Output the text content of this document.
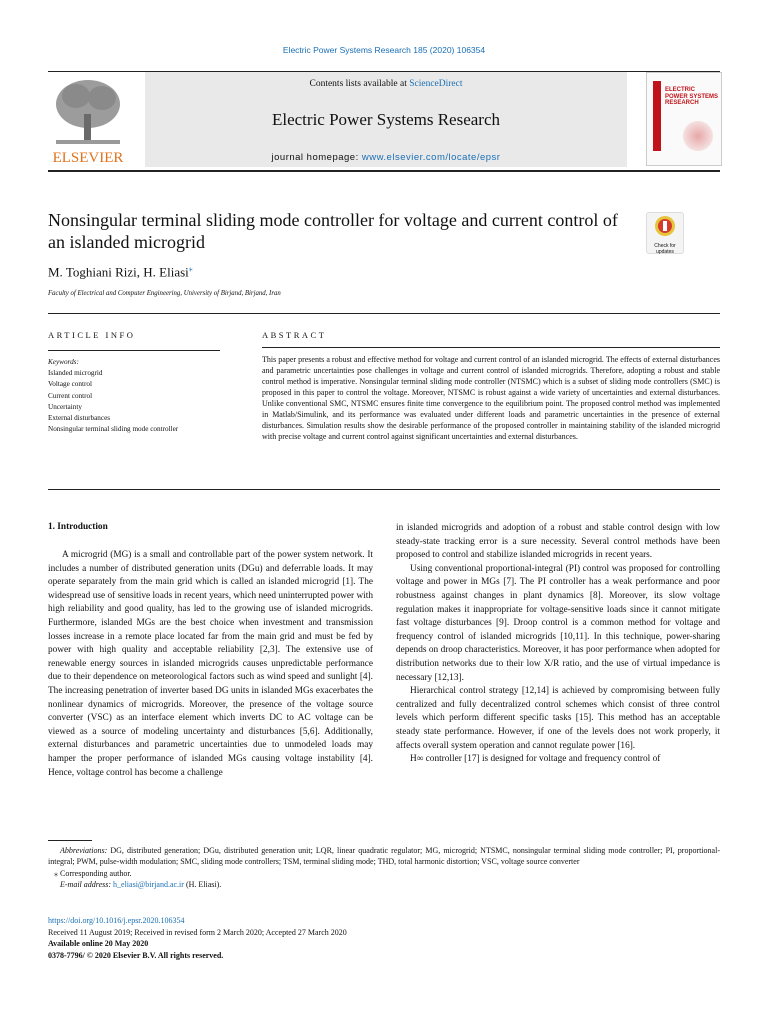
Electric Power Systems Research 185 (2020) 106354
ELSEVIER
Contents lists available at ScienceDirect
Electric Power Systems Research
journal homepage: www.elsevier.com/locate/epsr
ELECTRIC POWER SYSTEMS RESEARCH
Nonsingular terminal sliding mode controller for voltage and current control of an islanded microgrid	Check for updates
M. Toghiani Rizi, H. Eliasi⁎
Faculty of Electrical and Computer Engineering, University of Birjand, Birjand, Iran
ARTICLE INFO
Keywords:
Islanded microgrid
Voltage control
Current control
Uncertainty
External disturbances
Nonsingular terminal sliding mode controller
ABSTRACT
This paper presents a robust and effective method for voltage and current control of an islanded microgrid. The effects of external disturbances and parametric uncertainties pose challenges in voltage and current control of islanded microgrids. Therefore, adopting a robust and stable control method is imperative. Nonsingular terminal sliding mode controller (NTSMC) which is a subset of sliding mode controllers (SMC) is proposed in this paper to control the voltage. Moreover, NTSMC is robust against a wide variety of uncertainties and external disturbances. Unlike conventional SMC, NTSMC ensures finite time convergence to the equilibrium point. The proposed control method was implemented in Matlab/Simulink, and its performance was evaluated under different loads and parametric uncertainties in the presence of external disturbances. Simulation results show the desirable performance of the proposed controller in maintaining stability of the islanded microgrid with precise voltage and current control against significant uncertainties and external disturbances.
1. Introduction

A microgrid (MG) is a small and controllable part of the power system network. It includes a number of distributed generation units (DGu) and deferrable loads. It may operate separately from the main grid which is called an islanded microgrid [1]. The widespread use of sensitive loads in recent years, which need uninterrupted power with high reliability and good quality, has led to the growing use of islanded microgrids. Furthermore, islanded MGs are the best choice when investment and transmission losses increase in a remote place located far from the main grid and must be fed by power with high quality and acceptable reliability [2,3]. The extensive use of renewable energy sources in islanded microgrids causes unpredictable performance due to their dependence on meteorological factors such as wind speed and sunlight [4]. The increasing penetration of inverter based DG units in islanded MGs exacerbates the nonlinear dynamics of microgrids. Moreover, the presence of the voltage source converter (VSC) as an interface element which inverts DC to AC voltage can be viewed as a source of modeling uncertainty and disturbances [5,6]. Additionally, external disturbances and parametric uncertainties due to unmodeled loads may hamper the proper performance of islanded MGs causing voltage instability [4]. Hence, voltage control has become a challenge

in islanded microgrids and adoption of a robust and stable control design with low steady-state tracking error is a sure necessity. Several control methods have been proposed to control and stabilize islanded microgrids in recent years.

Using conventional proportional-integral (PI) control was proposed for controlling voltage and power in MGs [7]. The PI controller has a weak performance and poor robustness against changes in plant dynamics [8]. Moreover, its slow voltage regulation makes it inappropriate for voltage-sensitive loads since it cannot mitigate fast voltage disturbances [9]. Droop control is a common method for voltage and frequency control of islanded microgrids [10,11]. In this technique, power-sharing depends on droop characteristics. Moreover, it has poor performance when adopted for distribution networks due to their low X/R ratio, and the use of virtual impedance is necessary [12,13].

Hierarchical control strategy [12,14] is achieved by compromising between fully centralized and fully decentralized control schemes which consist of three control levels which perform different specific tasks [15]. This method has an acceptable steady state performance. However, if one of the levels does not work properly, it affects overall system operation and cannot regulate power [16].

H∞ controller [17] is designed for voltage and frequency control of

Abbreviations: DG, distributed generation; DGu, distributed generation unit; LQR, linear quadratic regulator; MG, microgrid; NTSMC, nonsingular terminal sliding mode controller; PI, proportional-integral; PWM, pulse-width modulation; SMC, sliding mode controllers; TSM, terminal sliding mode; THD, total harmonic distortion; VSC, voltage source converter

⁎ Corresponding author.

E-mail address: h_eliasi@birjand.ac.ir (H. Eliasi).

https://doi.org/10.1016/j.epsr.2020.106354

Received 11 August 2019; Received in revised form 2 March 2020; Accepted 27 March 2020

Available online 20 May 2020

0378-7796/ © 2020 Elsevier B.V. All rights reserved.
